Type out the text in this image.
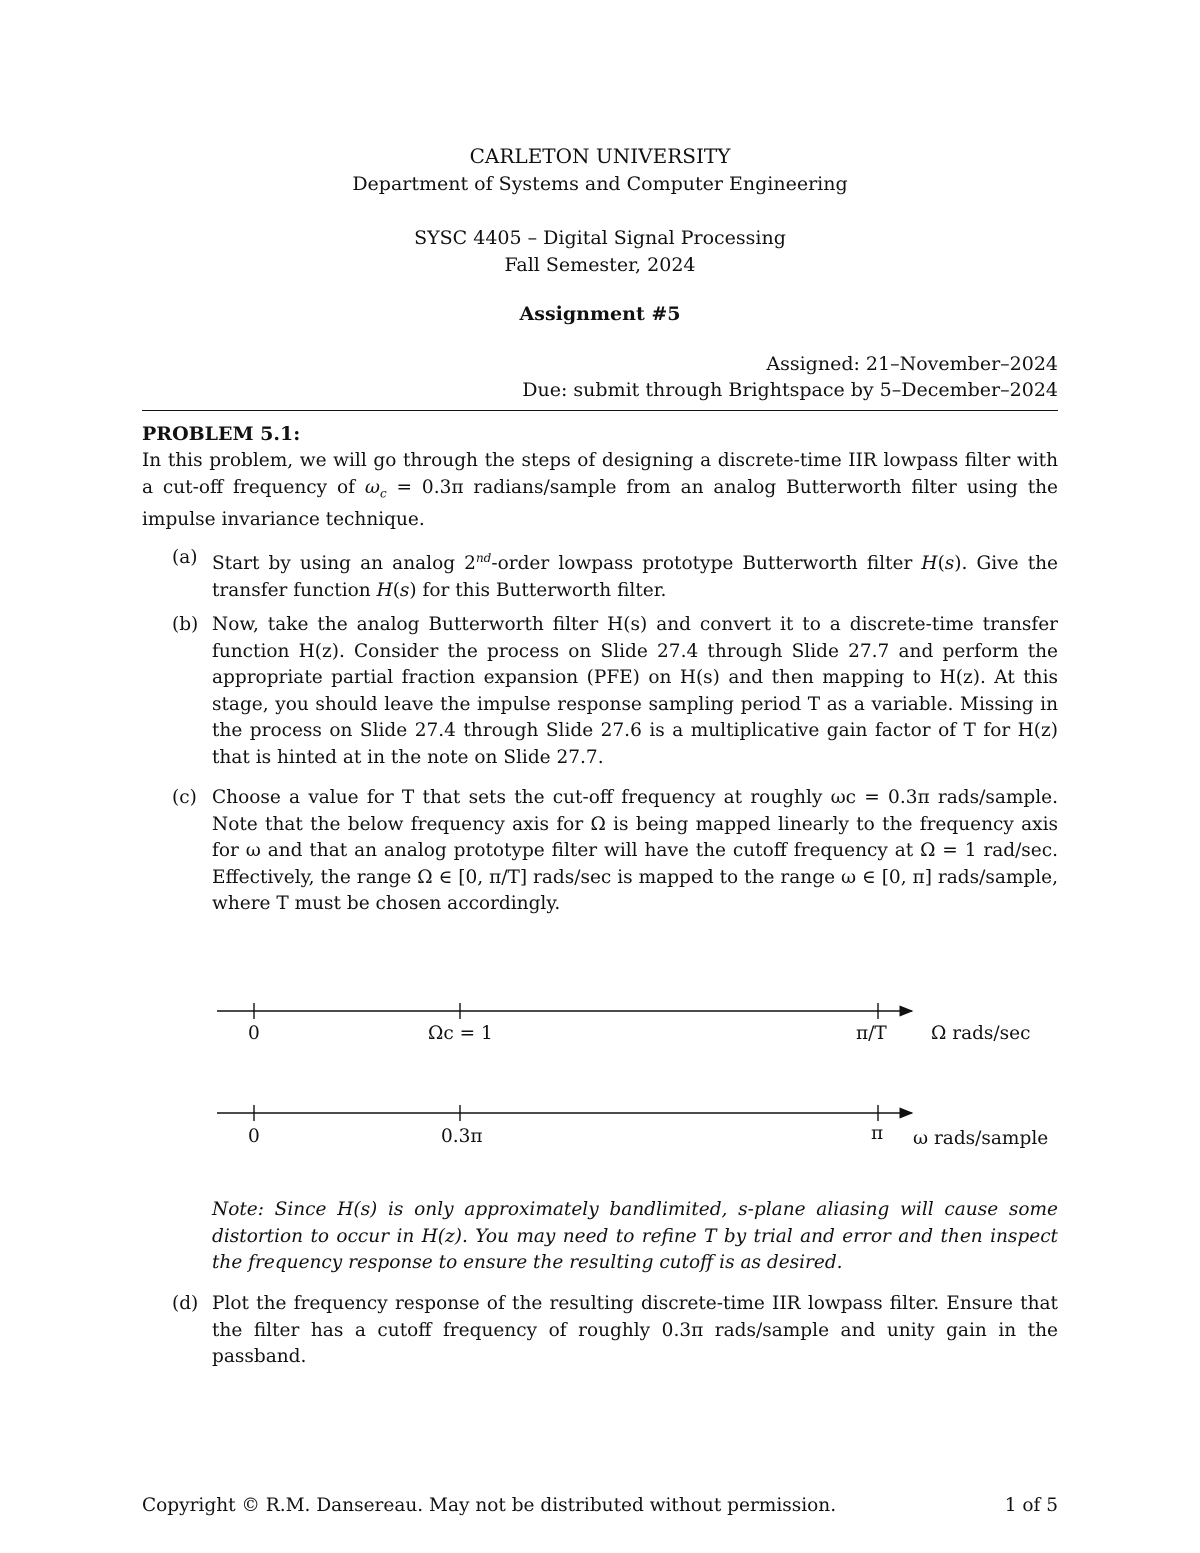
CARLETON UNIVERSITY
Department of Systems and Computer Engineering
SYSC 4405 – Digital Signal Processing
Fall Semester, 2024
Assignment #5
Assigned: 21–November–2024
Due: submit through Brightspace by 5–December–2024
PROBLEM 5.1:
In this problem, we will go through the steps of designing a discrete-time IIR lowpass filter with a cut-off frequency of $\omega_c = 0.3\pi$ radians/sample from an analog Butterworth filter using the impulse invariance technique.
(a) Start by using an analog 2nd-order lowpass prototype Butterworth filter H(s). Give the transfer function H(s) for this Butterworth filter.
(b) Now, take the analog Butterworth filter H(s) and convert it to a discrete-time transfer function H(z). Consider the process on Slide 27.4 through Slide 27.7 and perform the appropriate partial fraction expansion (PFE) on H(s) and then mapping to H(z). At this stage, you should leave the impulse response sampling period T as a variable. Missing in the process on Slide 27.4 through Slide 27.6 is a multiplicative gain factor of T for H(z) that is hinted at in the note on Slide 27.7.
(c) Choose a value for T that sets the cut-off frequency at roughly ωc = 0.3π rads/sample. Note that the below frequency axis for Ω is being mapped linearly to the frequency axis for ω and that an analog prototype filter will have the cutoff frequency at Ω = 1 rad/sec. Effectively, the range Ω ∈ [0, π/T] rads/sec is mapped to the range ω ∈ [0, π] rads/sample, where T must be chosen accordingly.
0	Ωc = 1	π/T Ω rads/sec
0	0.3π	π ω rads/sample
Note: Since H(s) is only approximately bandlimited, s-plane aliasing will cause some distortion to occur in H(z). You may need to refine T by trial and error and then inspect the frequency response to ensure the resulting cutoff is as desired.
(d) Plot the frequency response of the resulting discrete-time IIR lowpass filter. Ensure that the filter has a cutoff frequency of roughly 0.3π rads/sample and unity gain in the passband.
Copyright © R.M. Dansereau. May not be distributed without permission.	1 of 5
